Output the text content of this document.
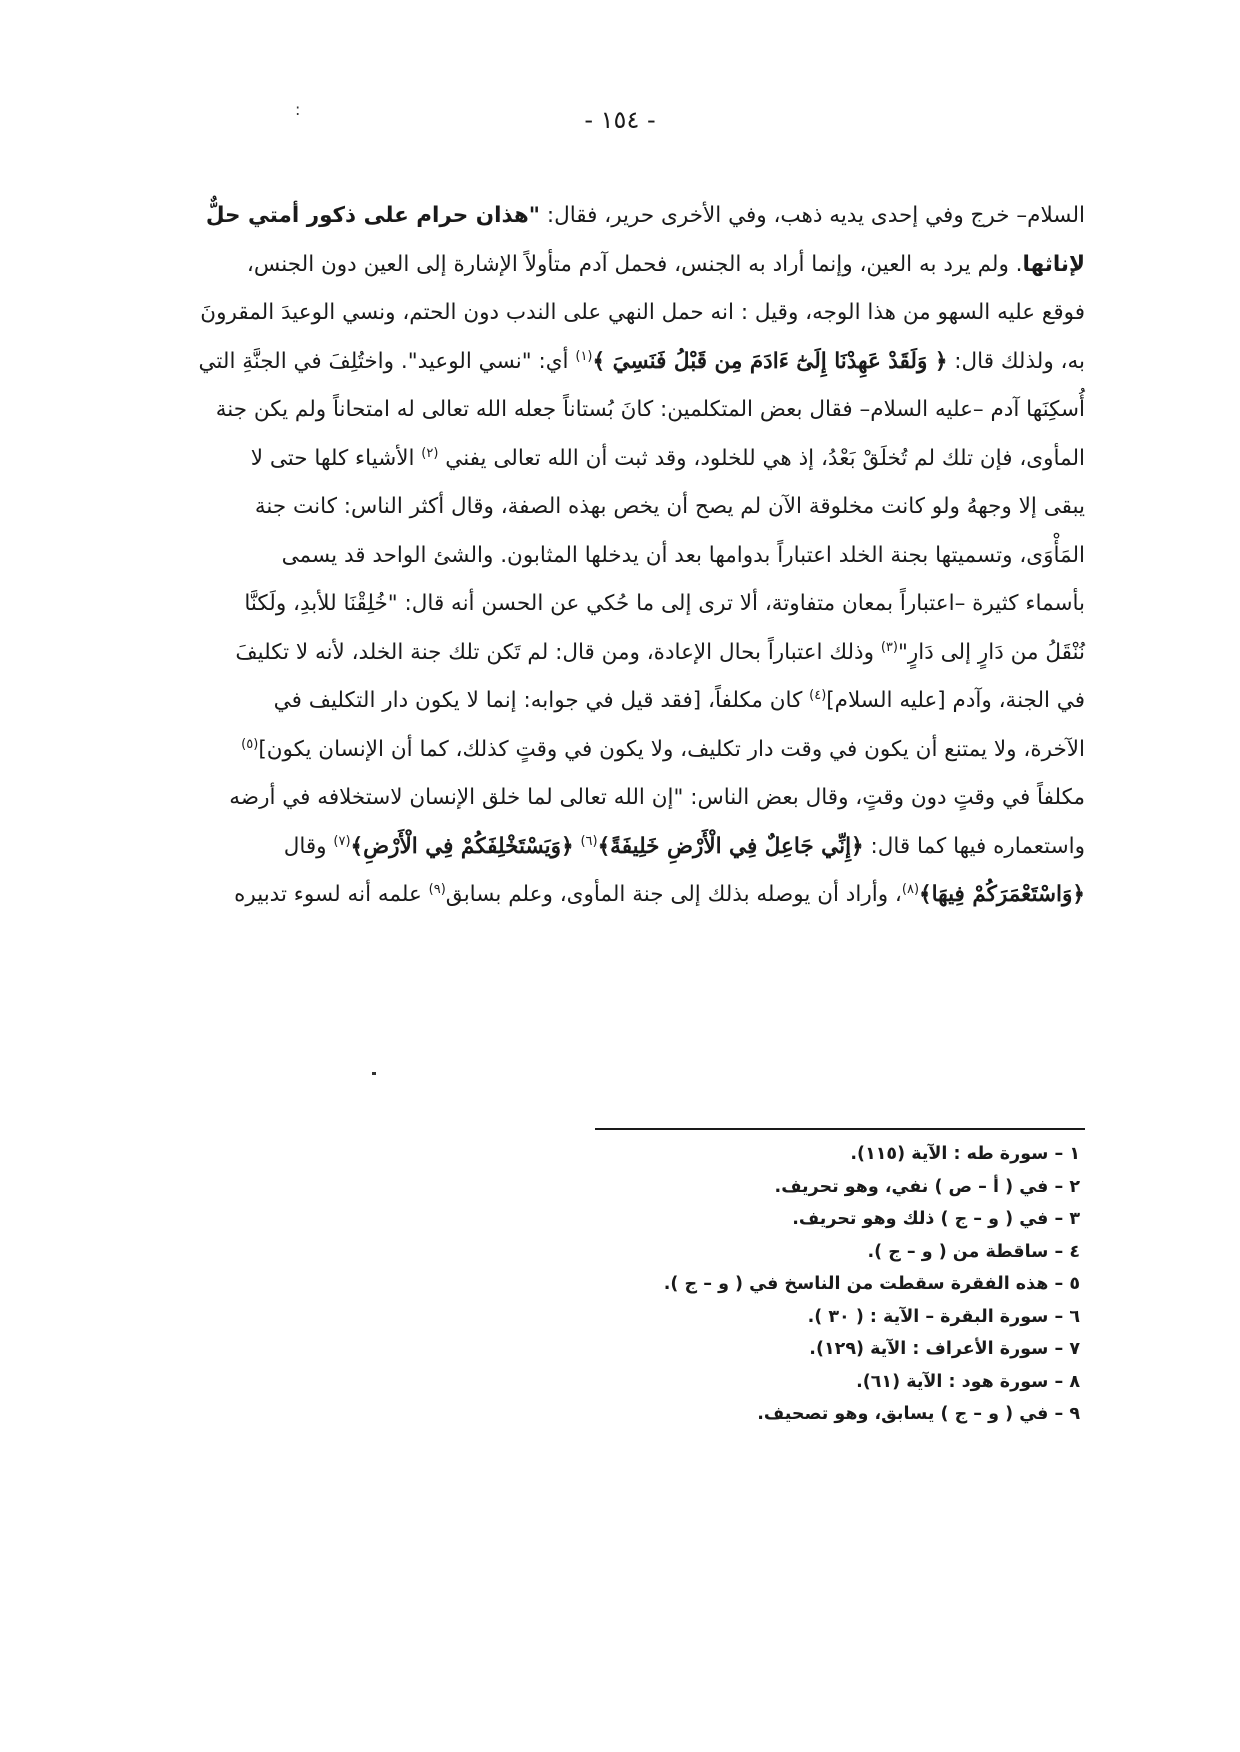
:	- ١٥٤ -
السلام– خرج وفي إحدى يديه ذهب، وفي الأخرى حرير، فقال: "هذان حرام على ذكور أمتي حلٌّ
لإناثها. ولم يرد به العين، وإنما أراد به الجنس، فحمل آدم متأولاً الإشارة إلى العين دون الجنس،
فوقع عليه السهو من هذا الوجه، وقيل : انه حمل النهي على الندب دون الحتم، ونسي الوعيدَ المقرونَ
به، ولذلك قال: ﴿ وَلَقَدْ عَهِدْنَا إِلَىٰٓ ءَادَمَ مِن قَبْلُ فَنَسِيَ ﴾$^{(١)}$ أي: "نسي الوعيد". واختُلِفَ في الجنَّةِ التي
أُسكِنَها آدم –عليه السلام– فقال بعض المتكلمين: كانَ بُستاناً جعله الله تعالى له امتحاناً ولم يكن جنة
المأوى، فإن تلك لم تُخلَقْ بَعْدُ، إذ هي للخلود، وقد ثبت أن الله تعالى يفني $^{(٢)}$ الأشياء كلها حتى لا
يبقى إلا وجههُ ولو كانت مخلوقة الآن لم يصح أن يخص بهذه الصفة، وقال أكثر الناس: كانت جنة
المَأْوَى، وتسميتها بجنة الخلد اعتباراً بدوامها بعد أن يدخلها المثابون. والشئ الواحد قد يسمى
بأسماء كثيرة –اعتباراً بمعان متفاوتة، ألا ترى إلى ما حُكي عن الحسن أنه قال: "خُلِقْنَا للأبدِ، ولَكنَّا
نُنْقَلُ من دَارٍ إلى دَارٍ"$^{(٣)}$ وذلك اعتباراً بحال الإعادة، ومن قال: لم تَكن تلك جنة الخلد، لأنه لا تكليفَ
في الجنة، وآدم [عليه السلام]$^{(٤)}$ كان مكلفاً، [فقد قيل في جوابه: إنما لا يكون دار التكليف في
الآخرة، ولا يمتنع أن يكون في وقت دار تكليف، ولا يكون في وقتٍ كذلك، كما أن الإنسان يكون]$^{(٥)}$
مكلفاً في وقتٍ دون وقتٍ، وقال بعض الناس: "إن الله تعالى لما خلق الإنسان لاستخلافه في أرضه
واستعماره فيها كما قال: ﴿إِنِّي جَاعِلٌ فِي الْأَرْضِ خَلِيفَةً﴾$^{(٦)}$ ﴿وَيَسْتَخْلِفَكُمْ فِي الْأَرْضِ﴾$^{(٧)}$ وقال
﴿وَاسْتَعْمَرَكُمْ فِيهَا﴾$^{(٨)}$، وأراد أن يوصله بذلك إلى جنة المأوى، وعلم بسابق$^{(٩)}$ علمه أنه لسوء تدبيره
١ – سورة طه : الآية (١١٥).
٢ – في ( أ – ص ) نفي، وهو تحريف.
٣ – في ( و – ج ) ذلك وهو تحريف.
٤ – ساقطة من ( و – ج ).
٥ – هذه الفقرة سقطت من الناسخ في ( و – ج ).
٦ – سورة البقرة – الآية : ( ٣٠ ).
٧ – سورة الأعراف : الآية (١٢٩).
٨ – سورة هود : الآية (٦١).
٩ – في ( و – ج ) يسابق، وهو تصحيف.
